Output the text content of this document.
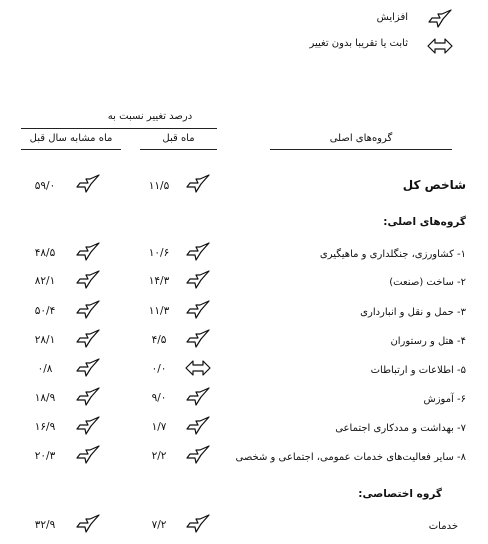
افزایش
ثابت یا تقریبا بدون تغییر
درصد تغییر نسبت به
گروه‌های اصلی
ماه قبل
ماه مشابه سال قبل
شاخص کل
۱۱/۵
۵۹/۰
گروه‌های اصلی:
۱- کشاورزی، جنگلداری و ماهیگیری
۲- ساخت (صنعت)
۳- حمل و نقل و انبارداری
۴- هتل و رستوران
۵- اطلاعات و ارتباطات
۶- آموزش
۷- بهداشت و مددکاری اجتماعی
۸- سایر فعالیت‌های خدمات عمومی، اجتماعی و شخصی
۱۰/۶
۱۴/۳
۱۱/۳
۴/۵
۰/۰
۹/۰
۱/۷
۲/۲
۴۸/۵
۸۲/۱
۵۰/۴
۲۸/۱
۰/۸
۱۸/۹
۱۶/۹
۲۰/۳
گروه اختصاصی:
خدمات
۷/۲
۳۲/۹
